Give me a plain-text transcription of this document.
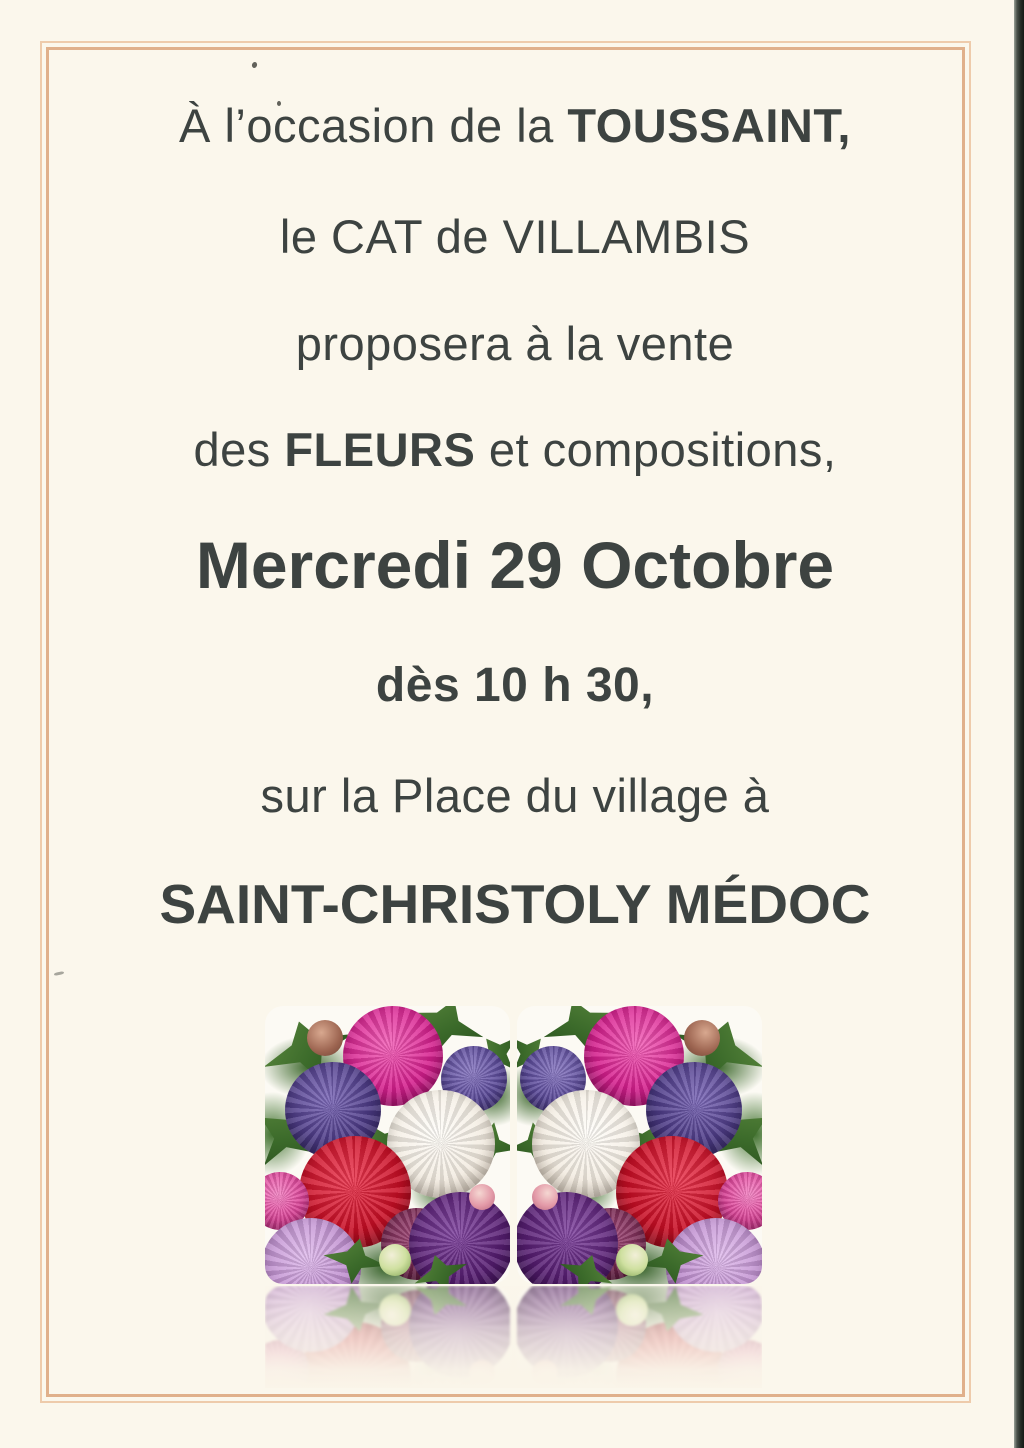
À l’occasion de la TOUSSAINT,

le CAT de VILLAMBIS

proposera à la vente

des FLEURS et compositions,

Mercredi 29 Octobre

dès 10 h 30,

sur la Place du village à

SAINT-CHRISTOLY MÉDOC
